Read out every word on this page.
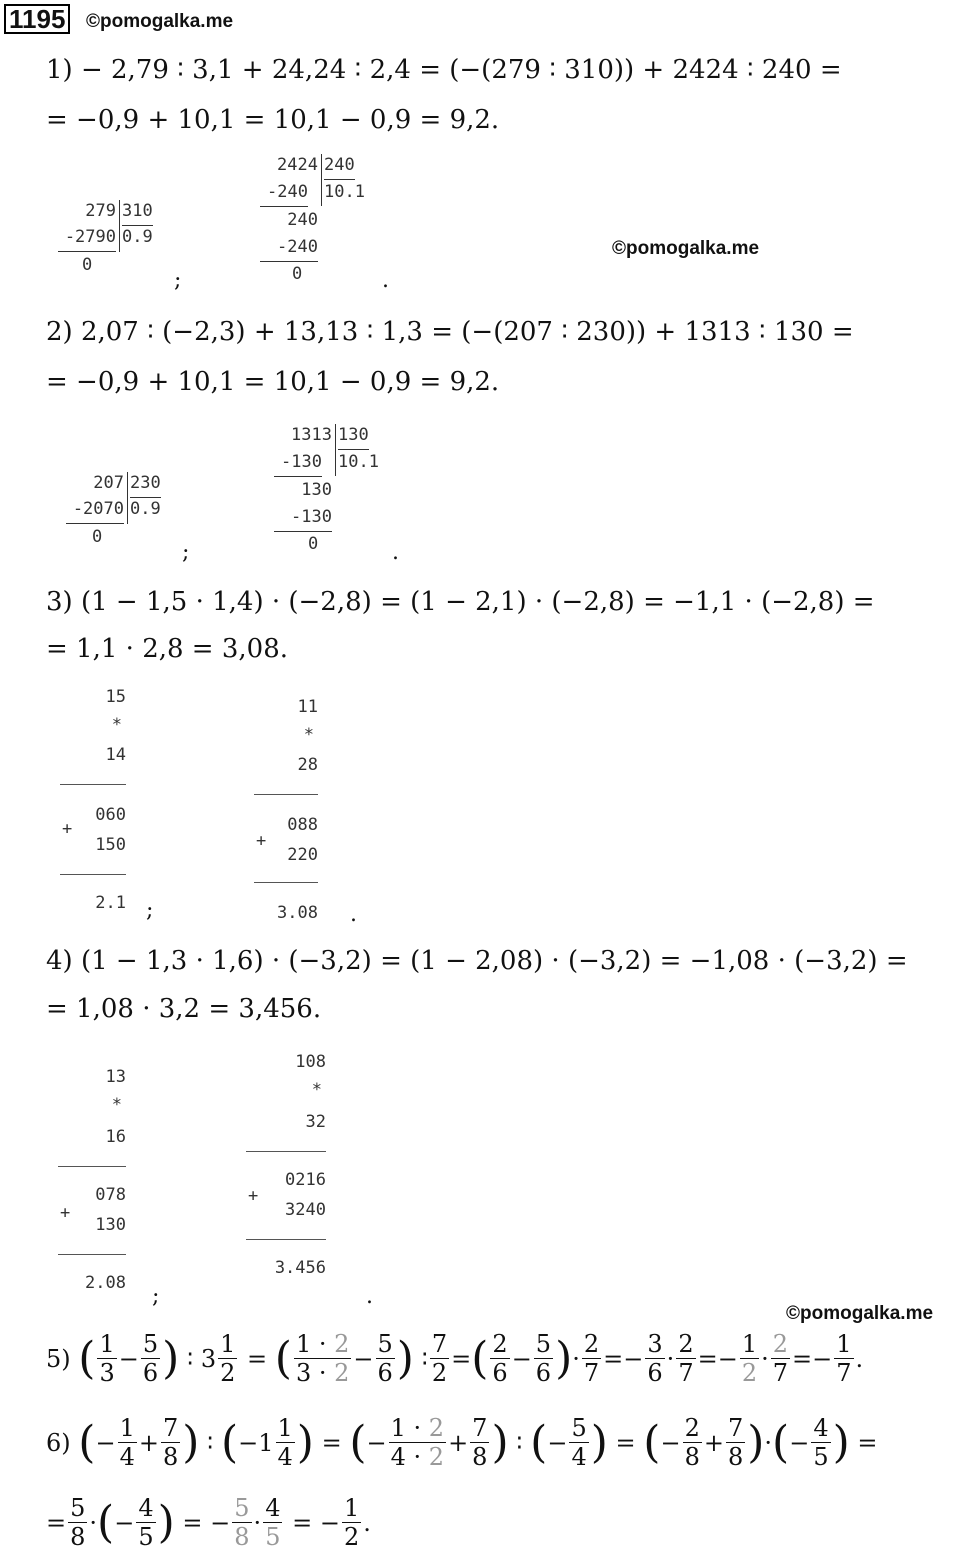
1195 ©pomogalka.me
©pomogalka.me
©pomogalka.me
1) − 2,79 ∶ 3,1 + 24,24 ∶ 2,4 = (−(279 ∶ 310)) + 2424 ∶ 240 =
= −0,9 + 10,1 = 10,1 − 0,9 = 9,2.
279 310
-2790 0.9
0
;
2424 240
-240 10.1
240
-240
0	.
2) 2,07 ∶ (−2,3) + 13,13 ∶ 1,3 = (−(207 ∶ 230)) + 1313 ∶ 130 =
= −0,9 + 10,1 = 10,1 − 0,9 = 9,2.
207 230
-2070 0.9
0
;
1313 130
-130 10.1
130
-130
0	.
3) (1 − 1,5 · 1,4) · (−2,8) = (1 − 2,1) · (−2,8) = −1,1 · (−2,8) =
= 1,1 · 2,8 = 3,08.
15
*
14
060
+
150
2.1 ;
11
*
28
088
+
220
3.08 .
4) (1 − 1,3 · 1,6) · (−3,2) = (1 − 2,08) · (−3,2) = −1,08 · (−3,2) =
= 1,08 · 3,2 = 3,456.
13
*
16
078
+
130
2.08
;
108
*
32
0216
+
3240
3.456
.
5)
( $\frac{1}{3} - \frac{5}{6}$ )
∶
$3 \frac{1}{2}$
=
( $\frac{1 \cdot 2}{3 \cdot 2} - \frac{5}{6}$ )
∶ $\frac{7}{2}$ = ( $\frac{2}{6} - \frac{5}{6}$ ) · $\frac{2}{7}$ = − $\frac{3}{6} \cdot \frac{2}{7}$ = − $\frac{1}{2} \cdot \frac{2}{7}$ = − $\frac{1}{7}$ .
6)
( − $\frac{1}{4} + \frac{7}{8}$ )
∶
( − $1 \frac{1}{4}$ )
=
( − $\frac{1 \cdot 2}{4 \cdot 2} + \frac{7}{8}$ )
∶
( − $\frac{5}{4}$ )
=
( − $\frac{2}{8} + \frac{7}{8}$ ) · ( − $\frac{4}{5}$ )
=
= $\frac{5}{8}$ · ( − $\frac{4}{5}$ )
=
− $\frac{5}{8} \cdot \frac{4}{5}$
=
− $\frac{1}{2}$ .
